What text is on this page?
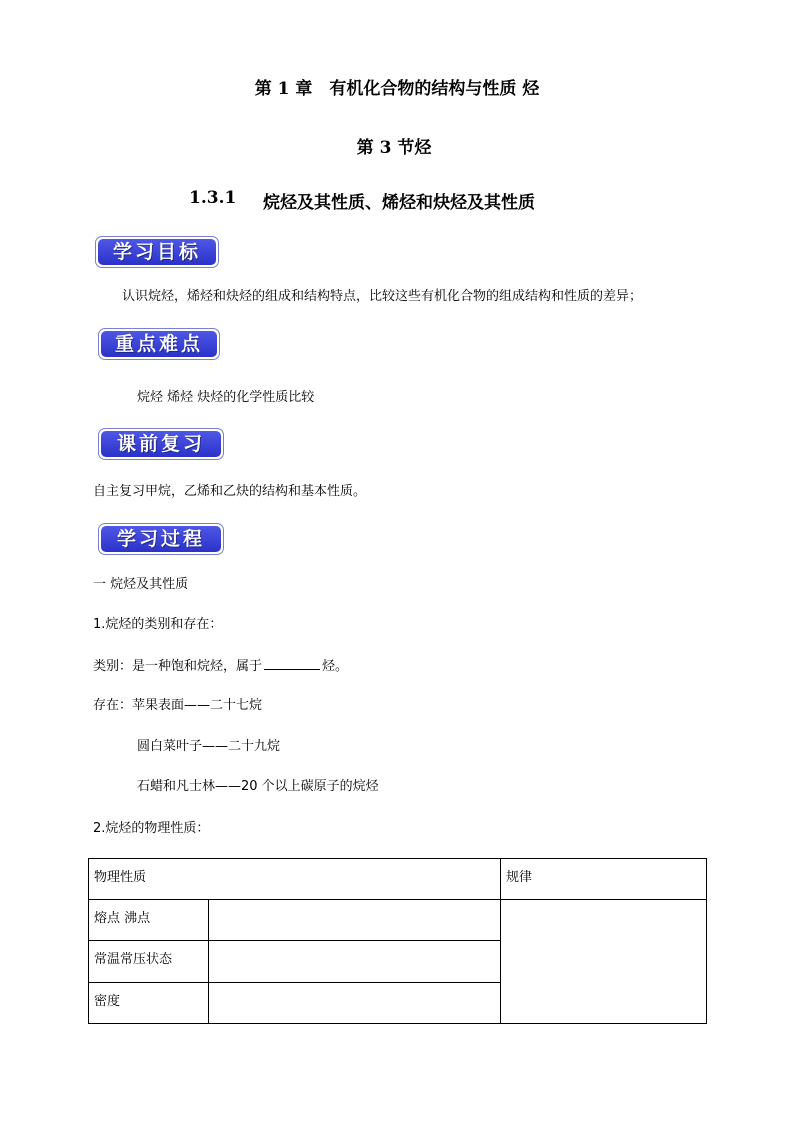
第 1 章　有机化合物的结构与性质 烃
第 3 节烃
1.3.1 烷烃及其性质、烯烃和炔烃及其性质
学习目标
认识烷烃，烯烃和炔烃的组成和结构特点，比较这些有机化合物的组成结构和性质的差异；
重点难点
烷烃 烯烃 炔烃的化学性质比较
课前复习
自主复习甲烷，乙烯和乙炔的结构和基本性质。
学习过程
一 烷烃及其性质
1.烷烃的类别和存在：
类别：是一种饱和烷烃，属于	烃。
存在：苹果表面——二十七烷
圆白菜叶子——二十九烷
石蜡和凡士林——20 个以上碳原子的烷烃
2.烷烃的物理性质：
物理性质		规律
熔点 沸点		
常温常压状态		
密度		
